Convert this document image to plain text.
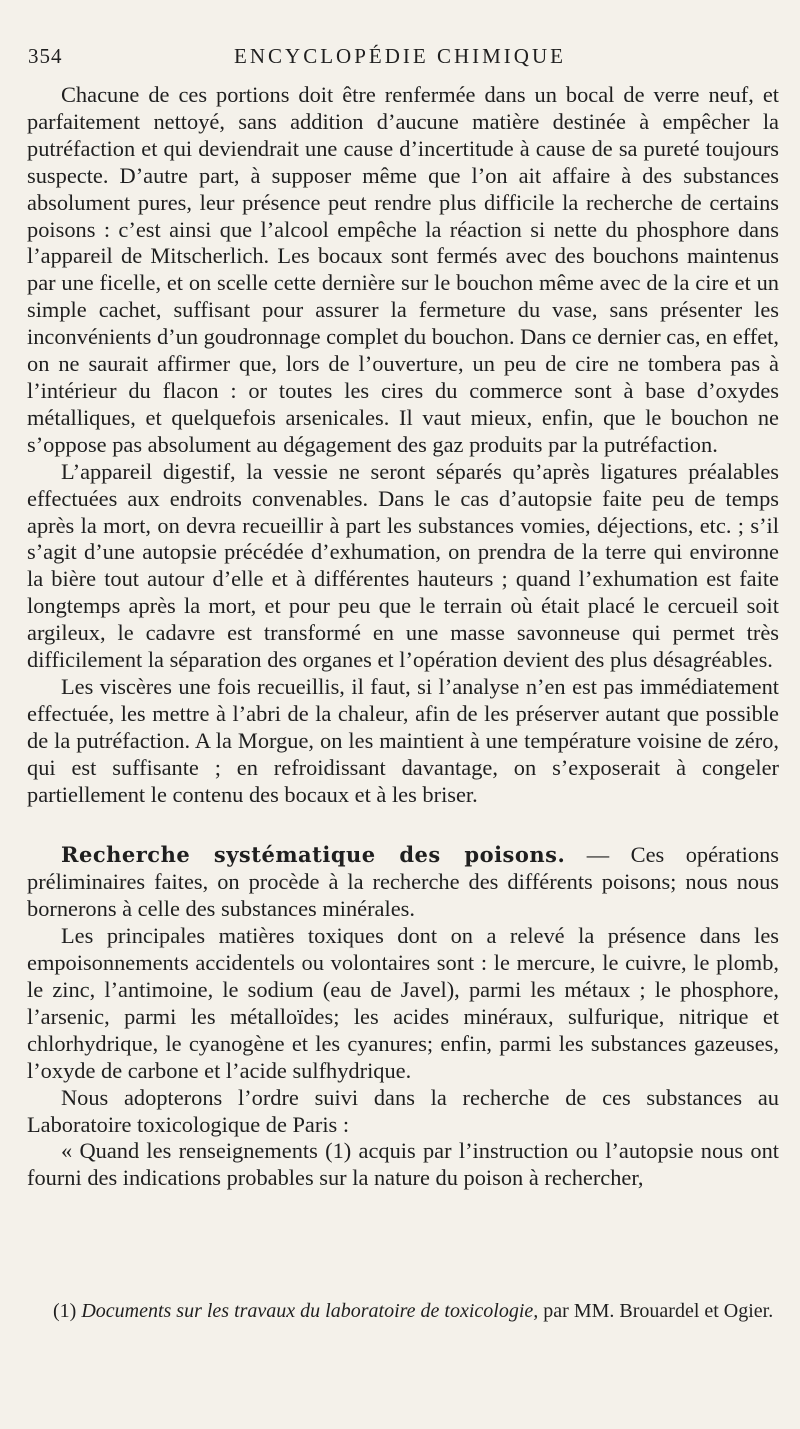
354	ENCYCLOPÉDIE CHIMIQUE

Chacune de ces portions doit être renfermée dans un bocal de verre neuf, et parfaitement nettoyé, sans addition d’aucune matière destinée à empêcher la putréfaction et qui deviendrait une cause d’incertitude à cause de sa pureté toujours suspecte. D’autre part, à supposer même que l’on ait affaire à des substances absolument pures, leur présence peut rendre plus difficile la recherche de certains poisons : c’est ainsi que l’alcool empêche la réaction si nette du phosphore dans l’appareil de Mitscherlich. Les bocaux sont fermés avec des bouchons maintenus par une ficelle, et on scelle cette dernière sur le bouchon même avec de la cire et un simple cachet, suffisant pour assurer la fermeture du vase, sans présenter les inconvénients d’un goudronnage complet du bouchon. Dans ce dernier cas, en effet, on ne saurait affirmer que, lors de l’ouverture, un peu de cire ne tombera pas à l’intérieur du flacon : or toutes les cires du commerce sont à base d’oxydes métalliques, et quelquefois arsenicales. Il vaut mieux, enfin, que le bouchon ne s’oppose pas absolument au dégagement des gaz produits par la putréfaction.

L’appareil digestif, la vessie ne seront séparés qu’après ligatures préalables effectuées aux endroits convenables. Dans le cas d’autopsie faite peu de temps après la mort, on devra recueillir à part les substances vomies, déjections, etc. ; s’il s’agit d’une autopsie précédée d’exhumation, on prendra de la terre qui environne la bière tout autour d’elle et à différentes hauteurs ; quand l’exhumation est faite longtemps après la mort, et pour peu que le terrain où était placé le cercueil soit argileux, le cadavre est transformé en une masse savonneuse qui permet très difficilement la séparation des organes et l’opération devient des plus désagréables.

Les viscères une fois recueillis, il faut, si l’analyse n’en est pas immédiatement effectuée, les mettre à l’abri de la chaleur, afin de les préserver autant que possible de la putréfaction. A la Morgue, on les maintient à une température voisine de zéro, qui est suffisante ; en refroidissant davantage, on s’exposerait à congeler partiellement le contenu des bocaux et à les briser.

Recherche systématique des poisons. — Ces opérations préliminaires faites, on procède à la recherche des différents poisons; nous nous bornerons à celle des substances minérales.

Les principales matières toxiques dont on a relevé la présence dans les empoisonnements accidentels ou volontaires sont : le mercure, le cuivre, le plomb, le zinc, l’antimoine, le sodium (eau de Javel), parmi les métaux ; le phosphore, l’arsenic, parmi les métalloïdes; les acides minéraux, sulfurique, nitrique et chlorhydrique, le cyanogène et les cyanures; enfin, parmi les substances gazeuses, l’oxyde de carbone et l’acide sulfhydrique.

Nous adopterons l’ordre suivi dans la recherche de ces substances au Laboratoire toxicologique de Paris :

« Quand les renseignements (1) acquis par l’instruction ou l’autopsie nous ont fourni des indications probables sur la nature du poison à rechercher,

(1) Documents sur les travaux du laboratoire de toxicologie, par MM. Brouardel et Ogier.
